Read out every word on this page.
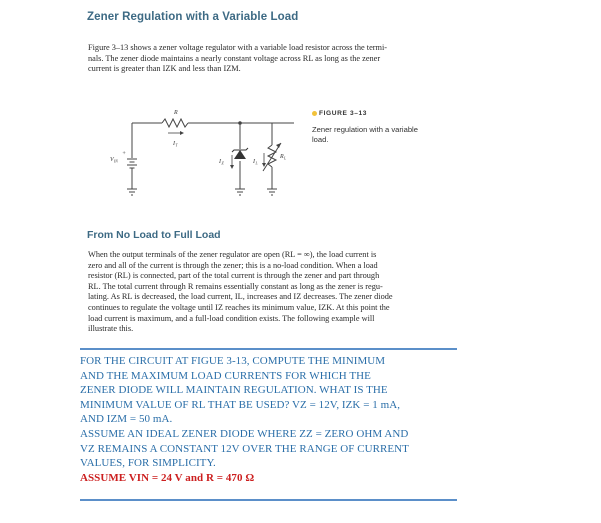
Zener Regulation with a Variable Load
Figure 3–13 shows a zener voltage regulator with a variable load resistor across the termi-
nals. The zener diode maintains a nearly constant voltage across RL as long as the zener
current is greater than IZK and less than IZM.
R
I T
V IN
+
I Z	I L
R L
FIGURE 3–13
Zener regulation with a variable
load.
From No Load to Full Load
When the output terminals of the zener regulator are open (RL = ∞), the load current is
zero and all of the current is through the zener; this is a no-load condition. When a load
resistor (RL) is connected, part of the total current is through the zener and part through
RL. The total current through R remains essentially constant as long as the zener is regu-
lating. As RL is decreased, the load current, IL, increases and IZ decreases. The zener diode
continues to regulate the voltage until IZ reaches its minimum value, IZK. At this point the
load current is maximum, and a full-load condition exists. The following example will
illustrate this.

FOR THE CIRCUIT AT FIGUE 3-13, COMPUTE THE MINIMUM

AND THE MAXIMUM LOAD CURRENTS FOR WHICH THE

ZENER DIODE WILL MAINTAIN REGULATION. WHAT IS THE

MINIMUM VALUE OF RL THAT BE USED? VZ = 12V, IZK = 1 mA,

AND IZM = 50 mA.

ASSUME AN IDEAL ZENER DIODE WHERE ZZ = ZERO OHM AND

VZ REMAINS A CONSTANT 12V OVER THE RANGE OF CURRENT

VALUES, FOR SIMPLICITY.

ASSUME VIN = 24 V and R = 470 Ω
